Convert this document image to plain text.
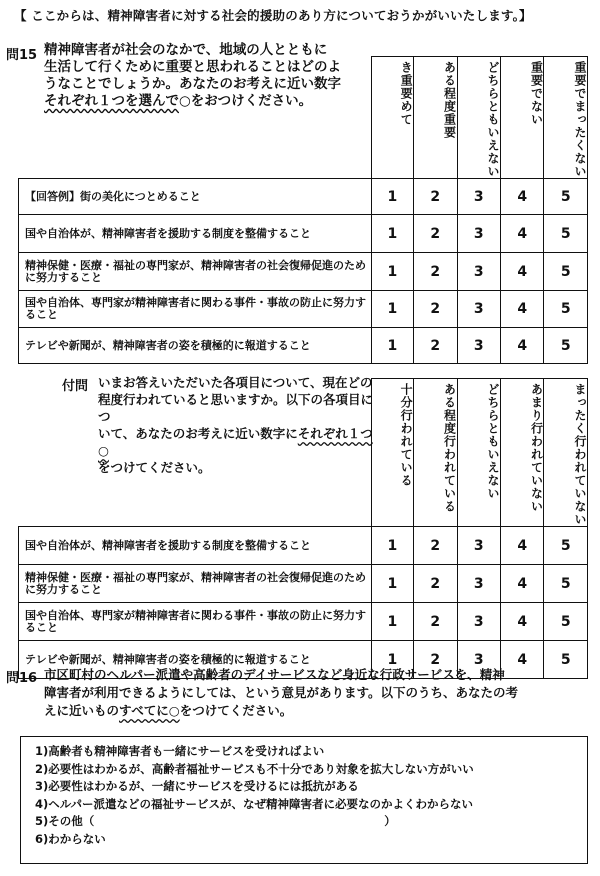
【 ここからは、精神障害者に対する社会的援助のあり方についておうかがいいたします。】
問15 精神障害者が社会のなかで、地域の人とともに
生活して行くために重要と思われることはどのよ
うなことでしょうか。あなたのお考えに近い数字
それぞれ１つを選んで○をおつけください。
		き重要めて	ある程度重要	どちらともいえない	重要でない	重要でまったくない
【回答例】街の美化につとめること	1	2	3	4	5
国や自治体が、精神障害者を援助する制度を整備すること	1	2	3	4	5
精神保健・医療・福祉の専門家が、精神障害者の社会復帰促進のために努力すること	1	2	3	4	5
国や自治体、専門家が精神障害者に関わる事件・事故の防止に努力すること	1	2	3	4	5
テレビや新聞が、精神障害者の姿を積極的に報道すること	1	2	3	4	5
付問 いまお答えいただいた各項目について、現在どの
程度行われていると思いますか。以下の各項目につ
いて、あなたのお考えに近い数字にそれぞれ１つ○
をつけてください。
		十分行われている	ある程度行われている	どちらともいえない	あまり行われていない	まったく行われていない
国や自治体が、精神障害者を援助する制度を整備すること	1	2	3	4	5
精神保健・医療・福祉の専門家が、精神障害者の社会復帰促進のために努力すること	1	2	3	4	5
国や自治体、専門家が精神障害者に関わる事件・事故の防止に努力すること	1	2	3	4	5
テレビや新聞が、精神障害者の姿を積極的に報道すること	1	2	3	4	5
問16 市区町村のヘルパー派遣や高齢者のデイサービスなど身近な行政サービスを、精神
障害者が利用できるようにしては、という意見があります。以下のうち、あなたの考
えに近いものすべてに○をつけてください。
1)高齢者も精神障害者も一緒にサービスを受ければよい
2)必要性はわかるが、高齢者福祉サービスも不十分であり対象を拡大しない方がいい
3)必要性はわかるが、一緒にサービスを受けるには抵抗がある
4)ヘルパー派遣などの福祉サービスが、なぜ精神障害者に必要なのかよくわからない
5)その他（	）
6)わからない
